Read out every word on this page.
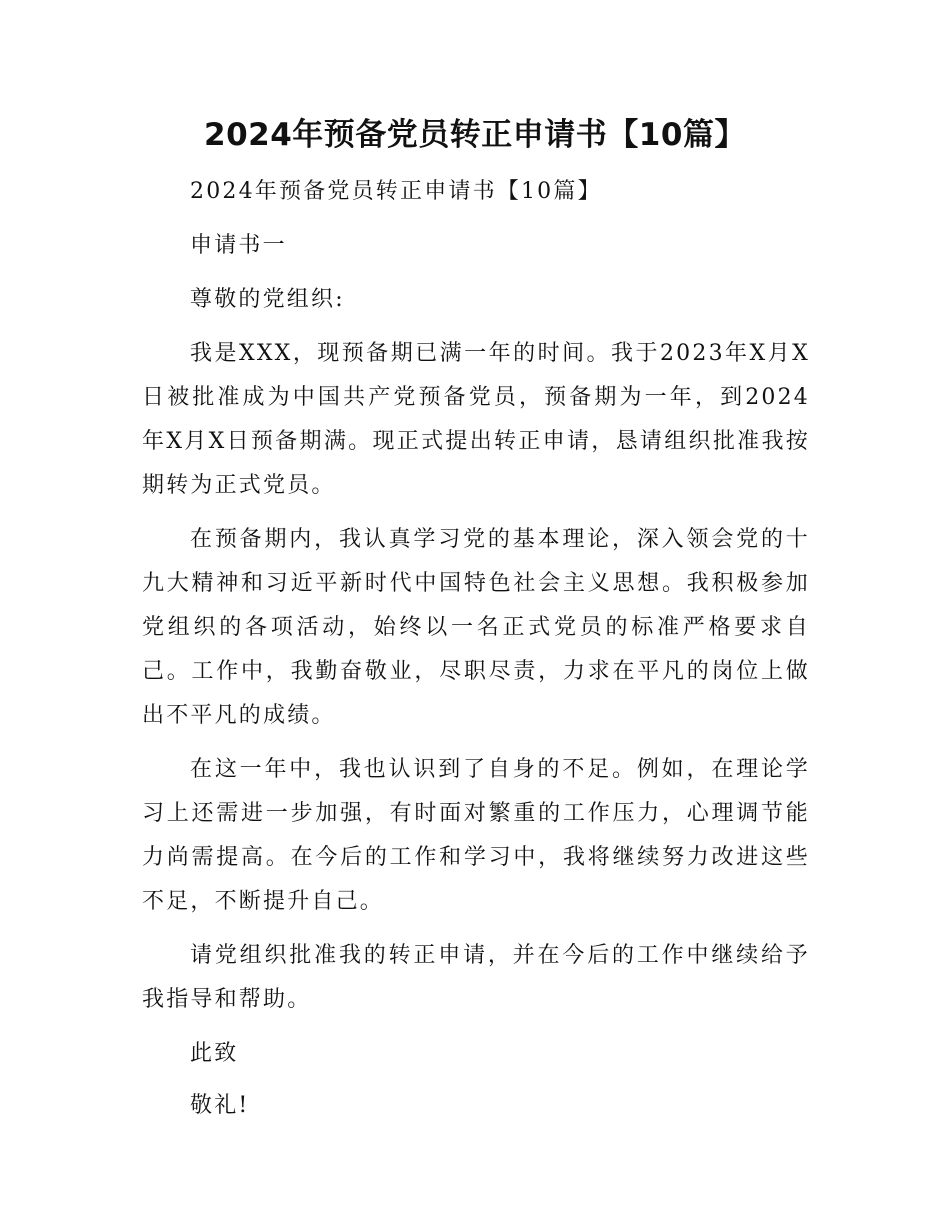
2024年预备党员转正申请书【10篇】

2024年预备党员转正申请书【10篇】

申请书一

尊敬的党组织:

我是XXX，现预备期已满一年的时间。我于2023年X月X日被批准成为中国共产党预备党员，预备期为一年，到2024年X月X日预备期满。现正式提出转正申请，恳请组织批准我按期转为正式党员。

在预备期内，我认真学习党的基本理论，深入领会党的十九大精神和习近平新时代中国特色社会主义思想。我积极参加党组织的各项活动，始终以一名正式党员的标准严格要求自己。工作中，我勤奋敬业，尽职尽责，力求在平凡的岗位上做出不平凡的成绩。

在这一年中，我也认识到了自身的不足。例如，在理论学习上还需进一步加强，有时面对繁重的工作压力，心理调节能力尚需提高。在今后的工作和学习中，我将继续努力改进这些不足，不断提升自己。

请党组织批准我的转正申请，并在今后的工作中继续给予我指导和帮助。

此致

敬礼!
